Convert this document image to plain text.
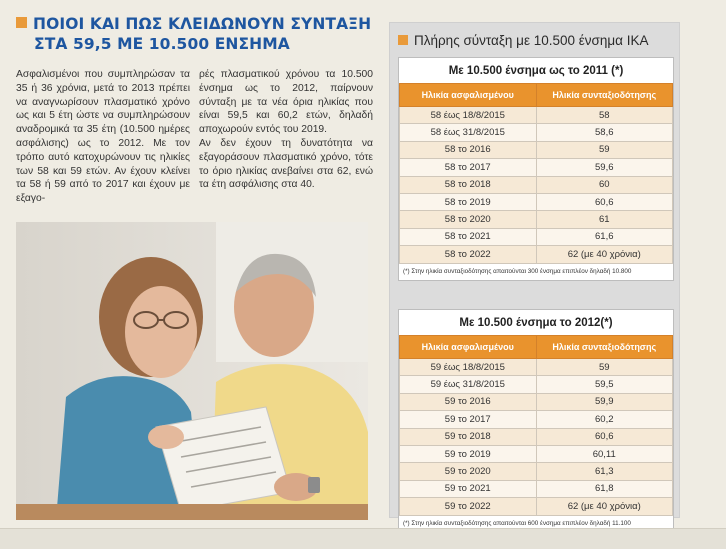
ΠΟΙΟΙ ΚΑΙ ΠΩΣ ΚΛΕΙΔΩΝΟΥΝ ΣΥΝΤΑΞΗ
ΣΤΑ 59,5 ΜΕ 10.500 ΕΝΣΗΜΑ

Ασφαλισμένοι που συμπληρώσαν τα 35 ή 36 χρόνια, μετά το 2013 πρέπει να αναγνωρίσουν πλασματικό χρόνο ως και 5 έτη ώστε να συμπληρώσουν αναδρομικά τα 35 έτη (10.500 ημέρες ασφάλισης) ως το 2012. Με τον τρόπο αυτό κατοχυρώνουν τις ηλικίες των 58 και 59 ετών. Αν έχουν κλείνει τα 58 ή 59 από το 2017 και έχουν με εξαγο-

ρές πλασματικού χρόνου τα 10.500 ένσημα ως το 2012, παίρνουν σύνταξη με τα νέα όρια ηλικίας που είναι 59,5 και 60,2 ετών, δηλαδή αποχωρούν εντός του 2019.

Αν δεν έχουν τη δυνατότητα να εξαγοράσουν πλασματικό χρόνο, τότε το όριο ηλικίας ανεβαίνει στα 62, ενώ τα έτη ασφάλισης στα 40.

Πλήρης σύνταξη με 10.500 ένσημα ΙΚΑ
Με 10.500 ένσημα ως το 2011 (*)
Ηλικία ασφαλισμένου	Ηλικία συνταξιοδότησης
58 έως 18/8/2015	58
58 έως 31/8/2015	58,6
58 το 2016	59
58 το 2017	59,6
58 το 2018	60
58 το 2019	60,6
58 το 2020	61
58 το 2021	61,6
58 το 2022	62 (με 40 χρόνια)
(*) Στην ηλικία συνταξιοδότησης απαιτούνται 300 ένσημα επιπλέον δηλαδή 10.800
Με 10.500 ένσημα το 2012(*)
Ηλικία ασφαλισμένου	Ηλικία συνταξιοδότησης
59 έως 18/8/2015	59
59 έως 31/8/2015	59,5
59 το 2016	59,9
59 το 2017	60,2
59 το 2018	60,6
59 το 2019	60,11
59 το 2020	61,3
59 το 2021	61,8
59 το 2022	62 (με 40 χρόνια)
(*) Στην ηλικία συνταξιοδότησης απαιτούνται 600 ένσημα επιπλέον δηλαδή 11.100
